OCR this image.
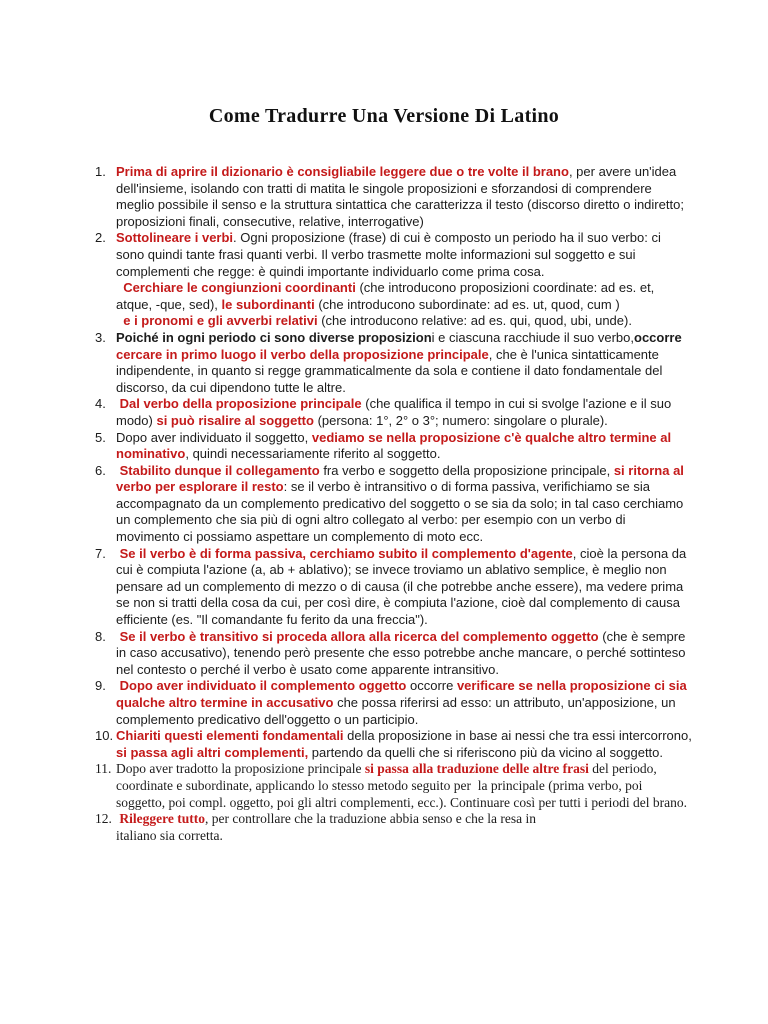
Come Tradurre Una Versione Di Latino
1. Prima di aprire il dizionario è consigliabile leggere due o tre volte il brano, per avere un'idea dell'insieme, isolando con tratti di matita le singole proposizioni e sforzandosi di comprendere meglio possibile il senso e la struttura sintattica che caratterizza il testo (discorso diretto o indiretto; proposizioni finali, consecutive, relative, interrogative)
2. Sottolineare i verbi. Ogni proposizione (frase) di cui è composto un periodo ha il suo verbo: ci sono quindi tante frasi quanti verbi. Il verbo trasmette molte informazioni sul soggetto e sui complementi che regge: è quindi importante individuarlo come prima cosa.
Cerchiare le congiunzioni coordinanti (che introducono proposizioni coordinate: ad es. et, atque, -que, sed), le subordinanti (che introducono subordinate: ad es. ut, quod, cum )
e i pronomi e gli avverbi relativi (che introducono relative: ad es. qui, quod, ubi, unde).
3. Poiché in ogni periodo ci sono diverse proposizioni e ciascuna racchiude il suo verbo,occorre cercare in primo luogo il verbo della proposizione principale, che è l'unica sintatticamente indipendente, in quanto si regge grammaticalmente da sola e contiene il dato fondamentale del discorso, da cui dipendono tutte le altre.
4. Dal verbo della proposizione principale (che qualifica il tempo in cui si svolge l'azione e il suo modo) si può risalire al soggetto (persona: 1°, 2° o 3°; numero: singolare o plurale).
5. Dopo aver individuato il soggetto, vediamo se nella proposizione c'è qualche altro termine al nominativo, quindi necessariamente riferito al soggetto.
6. Stabilito dunque il collegamento fra verbo e soggetto della proposizione principale, si ritorna al verbo per esplorare il resto: se il verbo è intransitivo o di forma passiva, verifichiamo se sia accompagnato da un complemento predicativo del soggetto o se sia da solo; in tal caso cerchiamo un complemento che sia più di ogni altro collegato al verbo: per esempio con un verbo di movimento ci possiamo aspettare un complemento di moto ecc.
7. Se il verbo è di forma passiva, cerchiamo subito il complemento d'agente, cioè la persona da cui è compiuta l'azione (a, ab + ablativo); se invece troviamo un ablativo semplice, è meglio non pensare ad un complemento di mezzo o di causa (il che potrebbe anche essere), ma vedere prima se non si tratti della cosa da cui, per così dire, è compiuta l'azione, cioè dal complemento di causa efficiente (es. "Il comandante fu ferito da una freccia").
8. Se il verbo è transitivo si proceda allora alla ricerca del complemento oggetto (che è sempre in caso accusativo), tenendo però presente che esso potrebbe anche mancare, o perché sottinteso nel contesto o perché il verbo è usato come apparente intransitivo.
9. Dopo aver individuato il complemento oggetto occorre verificare se nella proposizione ci sia qualche altro termine in accusativo che possa riferirsi ad esso: un attributo, un'apposizione, un complemento predicativo dell'oggetto o un participio.
10. Chiariti questi elementi fondamentali della proposizione in base ai nessi che tra essi intercorrono, si passa agli altri complementi, partendo da quelli che si riferiscono più da vicino al soggetto.
11. Dopo aver tradotto la proposizione principale si passa alla traduzione delle altre frasi del periodo, coordinate e subordinate, applicando lo stesso metodo seguito per  la principale (prima verbo, poi soggetto, poi compl. oggetto, poi gli altri complementi, ecc.). Continuare così per tutti i periodi del brano.
12. Rileggere tutto, per controllare che la traduzione abbia senso e che la resa in
italiano sia corretta.
